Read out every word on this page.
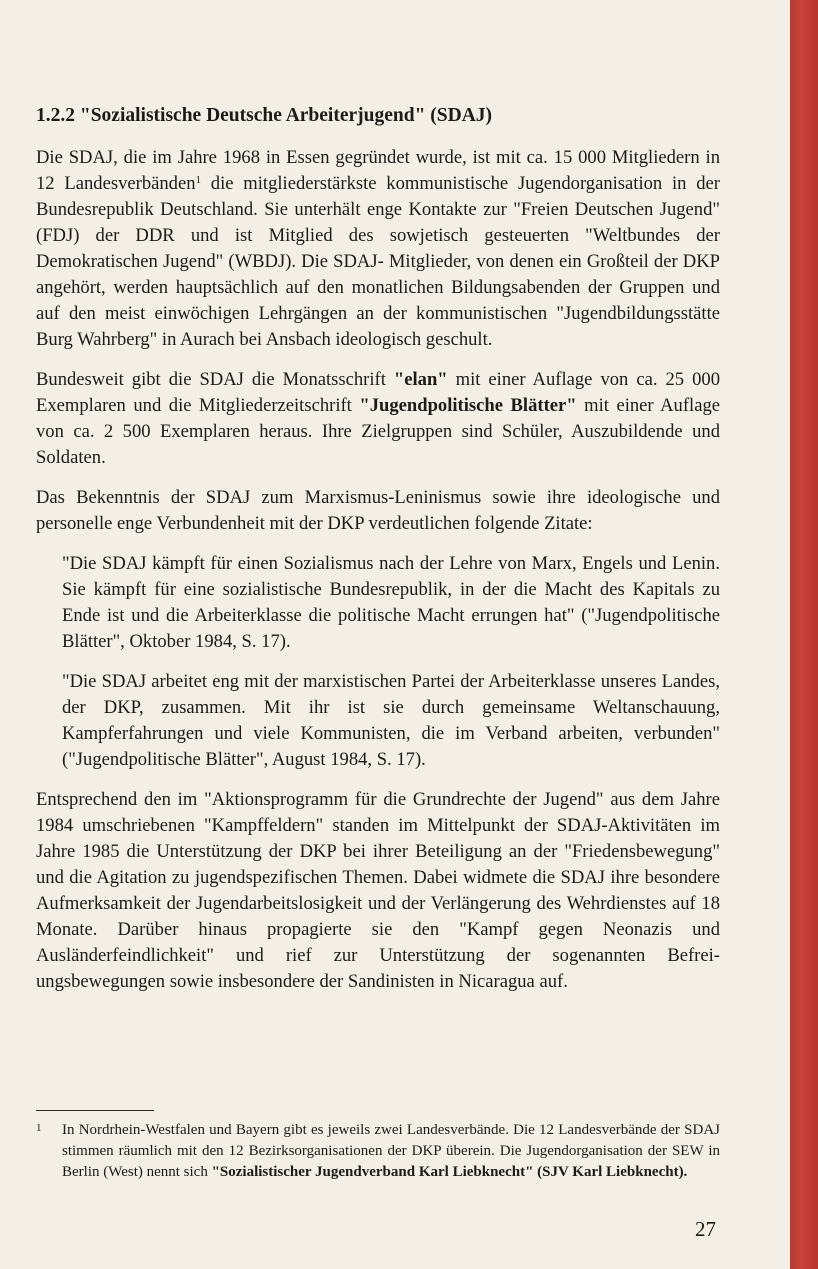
1.2.2 "Sozialistische Deutsche Arbeiterjugend" (SDAJ)

Die SDAJ, die im Jahre 1968 in Essen gegründet wurde, ist mit ca. 15 000 Mitgliedern in 12 Landesverbänden$^1$ die mitgliederstärkste kommunistische Jugendorganisation in der Bundesrepublik Deutschland. Sie unterhält enge Kontakte zur "Freien Deutschen Jugend" (FDJ) der DDR und ist Mitglied des sowjetisch gesteuerten "Weltbundes der Demokratischen Jugend" (WBDJ). Die SDAJ- Mitglieder, von denen ein Großteil der DKP angehört, werden hauptsächlich auf den monatlichen Bildungsabenden der Gruppen und auf den meist einwöchigen Lehrgängen an der kommunistischen "Jugendbildungsstätte Burg Wahrberg" in Aurach bei Ansbach ideologisch geschult.

Bundesweit gibt die SDAJ die Monatsschrift "elan" mit einer Auflage von ca. 25 000 Exemplaren und die Mitgliederzeitschrift "Jugendpolitische Blätter" mit einer Auflage von ca. 2 500 Exemplaren heraus. Ihre Zielgruppen sind Schüler, Auszubildende und Soldaten.

Das Bekenntnis der SDAJ zum Marxismus-Leninismus sowie ihre ideologische und personelle enge Verbundenheit mit der DKP verdeutlichen folgende Zitate:

"Die SDAJ kämpft für einen Sozialismus nach der Lehre von Marx, Engels und Lenin. Sie kämpft für eine sozialistische Bundesrepublik, in der die Macht des Kapitals zu Ende ist und die Arbeiterklasse die politische Macht errungen hat" ("Jugendpolitische Blätter", Oktober 1984, S. 17).

"Die SDAJ arbeitet eng mit der marxistischen Partei der Arbeiterklasse unseres Landes, der DKP, zusammen. Mit ihr ist sie durch gemeinsame Weltanschauung, Kampferfahrungen und viele Kommunisten, die im Verband arbeiten, verbunden" ("Jugendpolitische Blätter", August 1984, S. 17).

Entsprechend den im "Aktionsprogramm für die Grundrechte der Jugend" aus dem Jahre 1984 umschriebenen "Kampffeldern" standen im Mittelpunkt der SDAJ-Aktivitäten im Jahre 1985 die Unterstützung der DKP bei ihrer Beteiligung an der "Friedensbewegung" und die Agitation zu jugendspezifischen Themen. Dabei widmete die SDAJ ihre besondere Aufmerksamkeit der Jugendarbeitslosigkeit und der Verlängerung des Wehrdienstes auf 18 Monate. Darüber hinaus propagierte sie den "Kampf gegen Neonazis und Ausländerfeindlichkeit" und rief zur Unterstützung der sogenannten Befreiungsbewegungen sowie insbesondere der Sandinisten in Nicaragua auf.

1 In Nordrhein-Westfalen und Bayern gibt es jeweils zwei Landesverbände. Die 12 Landesverbände der SDAJ stimmen räumlich mit den 12 Bezirksorganisationen der DKP überein. Die Jugendorganisation der SEW in Berlin (West) nennt sich "Sozialistischer Jugendverband Karl Liebknecht" (SJV Karl Liebknecht).

27
